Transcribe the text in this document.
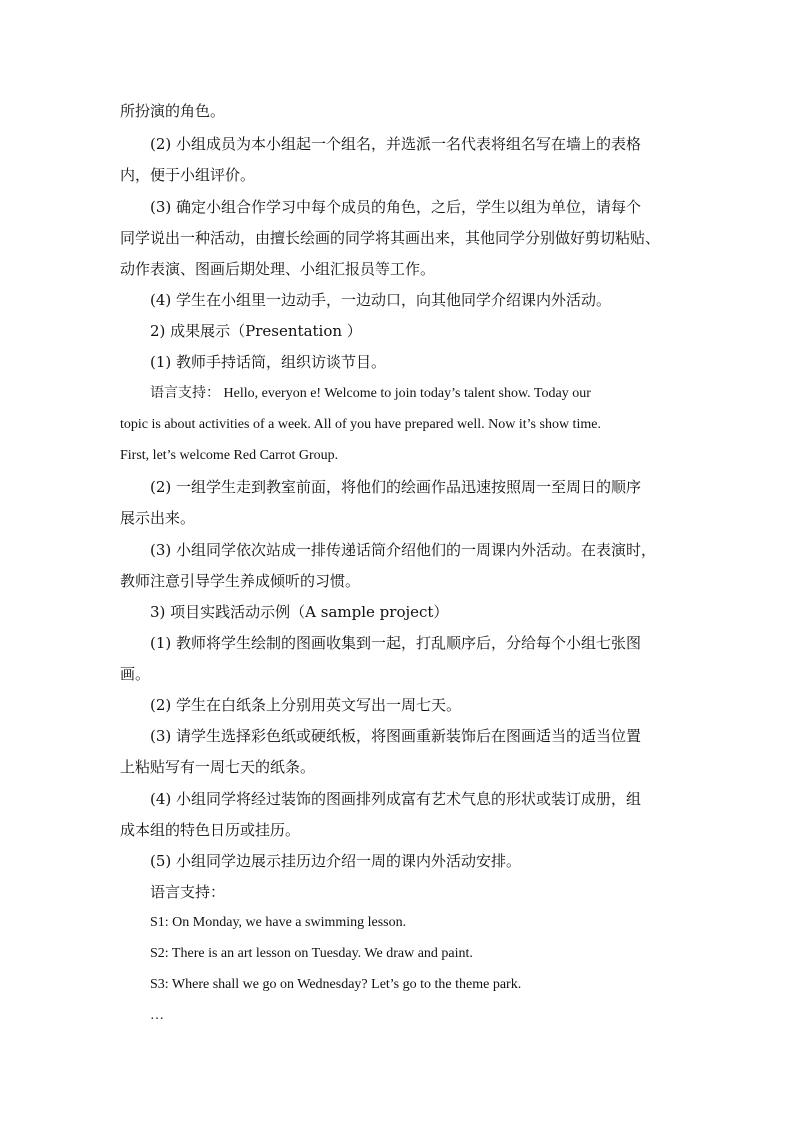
所扮演的角色。
(2) 小组成员为本小组起一个组名，并选派一名代表将组名写在墙上的表格
内，便于小组评价。
(3) 确定小组合作学习中每个成员的角色，之后，学生以组为单位，请每个
同学说出一种活动，由擅长绘画的同学将其画出来，其他同学分别做好剪切粘贴、
动作表演、图画后期处理、小组汇报员等工作。
(4) 学生在小组里一边动手，一边动口，向其他同学介绍课内外活动。
2) 成果展示（Presentation ）
(1) 教师手持话筒，组织访谈节目。
语言支持： Hello, everyon e! Welcome to join today’s talent show. Today our
topic is about activities of a week. All of you have prepared well. Now it’s show time.
First, let’s welcome Red Carrot Group.
(2) 一组学生走到教室前面，将他们的绘画作品迅速按照周一至周日的顺序
展示出来。
(3) 小组同学依次站成一排传递话筒介绍他们的一周课内外活动。在表演时，
教师注意引导学生养成倾听的习惯。
3) 项目实践活动示例（A sample project）
(1) 教师将学生绘制的图画收集到一起，打乱顺序后，分给每个小组七张图
画。
(2) 学生在白纸条上分别用英文写出一周七天。
(3) 请学生选择彩色纸或硬纸板，将图画重新装饰后在图画适当的适当位置
上粘贴写有一周七天的纸条。
(4) 小组同学将经过装饰的图画排列成富有艺术气息的形状或装订成册，组
成本组的特色日历或挂历。
(5) 小组同学边展示挂历边介绍一周的课内外活动安排。
语言支持：
S1: On Monday, we have a swimming lesson.
S2: There is an art lesson on Tuesday. We draw and paint.
S3: Where shall we go on Wednesday? Let’s go to the theme park.
…
